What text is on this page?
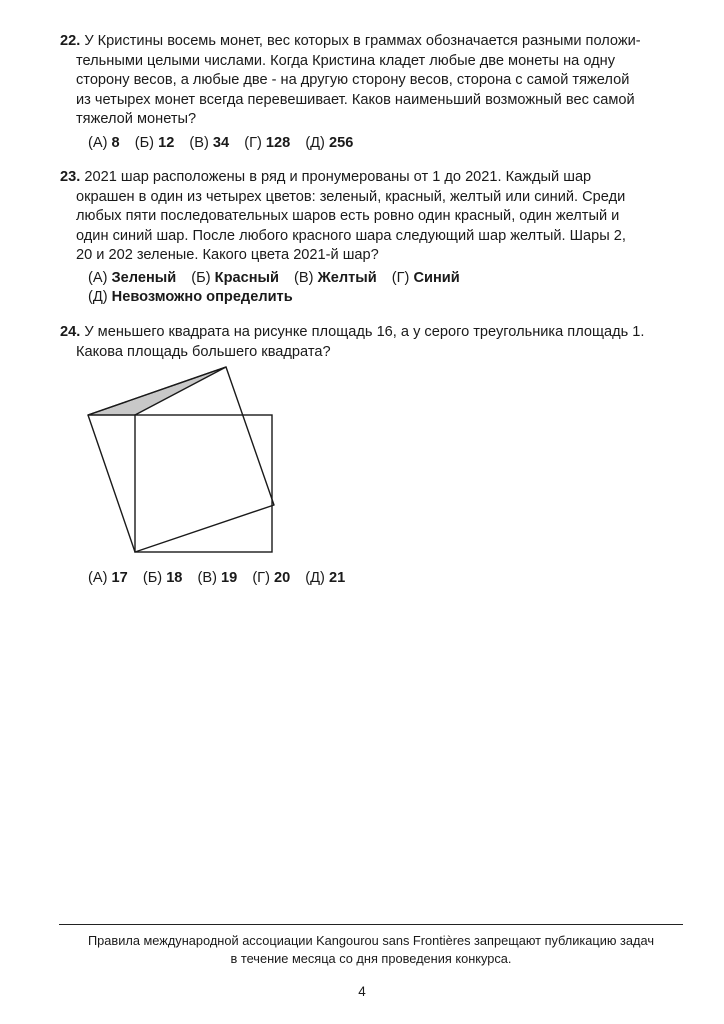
22. У Кристины восемь монет, вес которых в граммах обозначается разными положи-
тельными целыми числами. Когда Кристина кладет любые две монеты на одну
сторону весов, а любые две - на другую сторону весов, сторона с самой тяжелой
из четырех монет всегда перевешивает. Каков наименьший возможный вес самой
тяжелой монеты?
(А) 8 (Б) 12 (В) 34 (Г) 128 (Д) 256
23. 2021 шар расположены в ряд и пронумерованы от 1 до 2021. Каждый шар
окрашен в один из четырех цветов: зеленый, красный, желтый или синий. Среди
любых пяти последовательных шаров есть ровно один красный, один желтый и
один синий шар. После любого красного шара следующий шар желтый. Шары 2,
20 и 202 зеленые. Какого цвета 2021-й шар?
(А) Зеленый (Б) Красный (В) Желтый (Г) Синий
(Д) Невозможно определить
24. У меньшего квадрата на рисунке площадь 16, а у серого треугольника площадь 1.
Какова площадь большего квадрата?
(А) 17 (Б) 18 (В) 19 (Г) 20 (Д) 21
Правила международной ассоциации Kangourou sans Frontières запрещают публикацию задач
в течение месяца со дня проведения конкурса.
4
